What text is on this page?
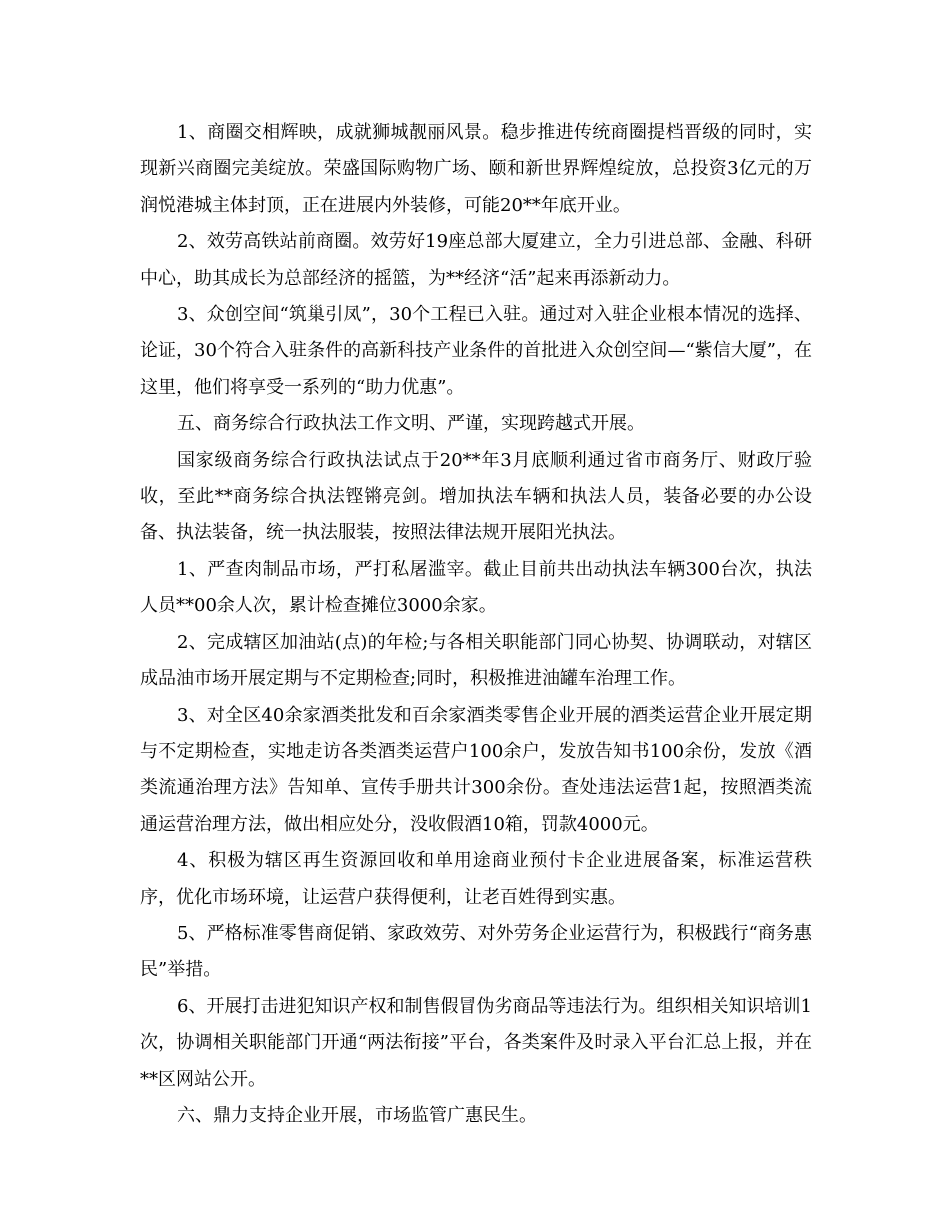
1、商圈交相辉映，成就狮城靓丽风景。稳步推进传统商圈提档晋级的同时，实现新兴商圈完美绽放。荣盛国际购物广场、颐和新世界辉煌绽放，总投资3亿元的万润悦港城主体封顶，正在进展内外装修，可能20**年底开业。

2、效劳高铁站前商圈。效劳好19座总部大厦建立，全力引进总部、金融、科研中心，助其成长为总部经济的摇篮，为**经济“活”起来再添新动力。

3、众创空间“筑巢引凤”，30个工程已入驻。通过对入驻企业根本情况的选择、论证，30个符合入驻条件的高新科技产业条件的首批进入众创空间—“紫信大厦”，在这里，他们将享受一系列的“助力优惠”。

五、商务综合行政执法工作文明、严谨，实现跨越式开展。

国家级商务综合行政执法试点于20**年3月底顺利通过省市商务厅、财政厅验收，至此**商务综合执法铿锵亮剑。增加执法车辆和执法人员，装备必要的办公设备、执法装备，统一执法服装，按照法律法规开展阳光执法。

1、严查肉制品市场，严打私屠滥宰。截止目前共出动执法车辆300台次，执法人员**00余人次，累计检查摊位3000余家。

2、完成辖区加油站(点)的年检;与各相关职能部门同心协契、协调联动，对辖区成品油市场开展定期与不定期检查;同时，积极推进油罐车治理工作。

3、对全区40余家酒类批发和百余家酒类零售企业开展的酒类运营企业开展定期与不定期检查，实地走访各类酒类运营户100余户，发放告知书100余份，发放《酒类流通治理方法》告知单、宣传手册共计300余份。查处违法运营1起，按照酒类流通运营治理方法，做出相应处分，没收假酒10箱，罚款4000元。

4、积极为辖区再生资源回收和单用途商业预付卡企业进展备案，标准运营秩序，优化市场环境，让运营户获得便利，让老百姓得到实惠。

5、严格标准零售商促销、家政效劳、对外劳务企业运营行为，积极践行“商务惠民”举措。

6、开展打击进犯知识产权和制售假冒伪劣商品等违法行为。组织相关知识培训1次，协调相关职能部门开通“两法衔接”平台，各类案件及时录入平台汇总上报，并在**区网站公开。

六、鼎力支持企业开展，市场监管广惠民生。
